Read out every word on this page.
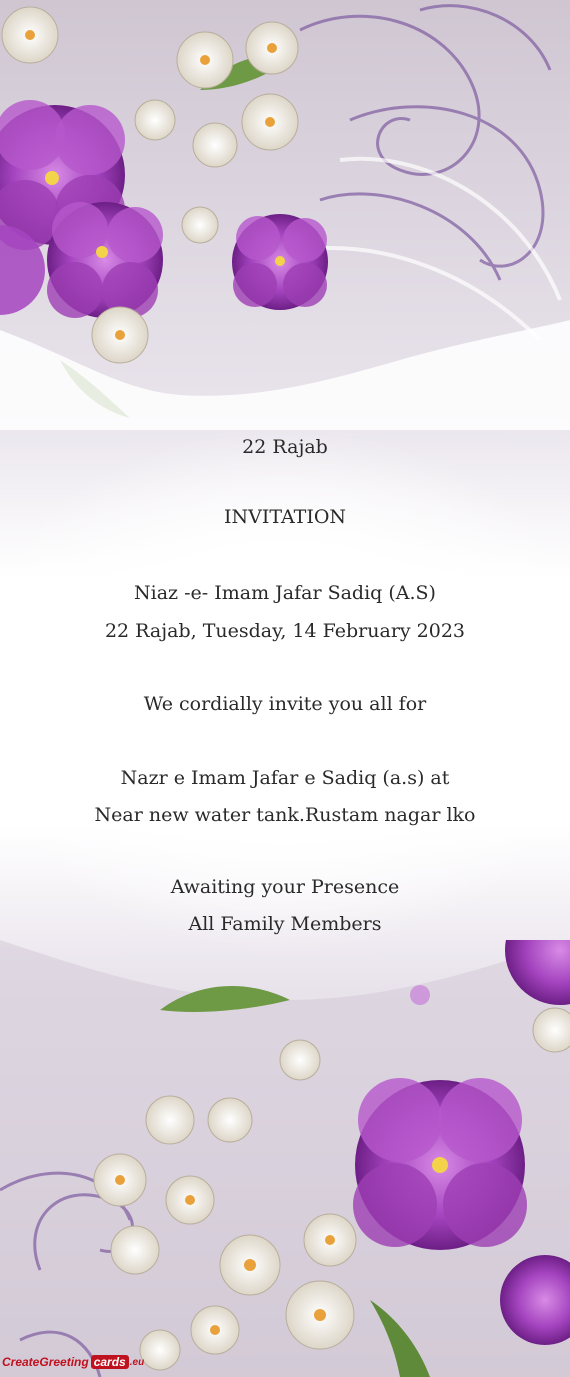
22 Rajab
INVITATION
Niaz -e- Imam Jafar Sadiq (A.S)
22 Rajab, Tuesday, 14 February 2023
We cordially invite you all for
Nazr e Imam Jafar e Sadiq (a.s) at
Near new water tank.Rustam nagar lko
Awaiting your Presence
All Family Members
CreateGreeting cards .eu
